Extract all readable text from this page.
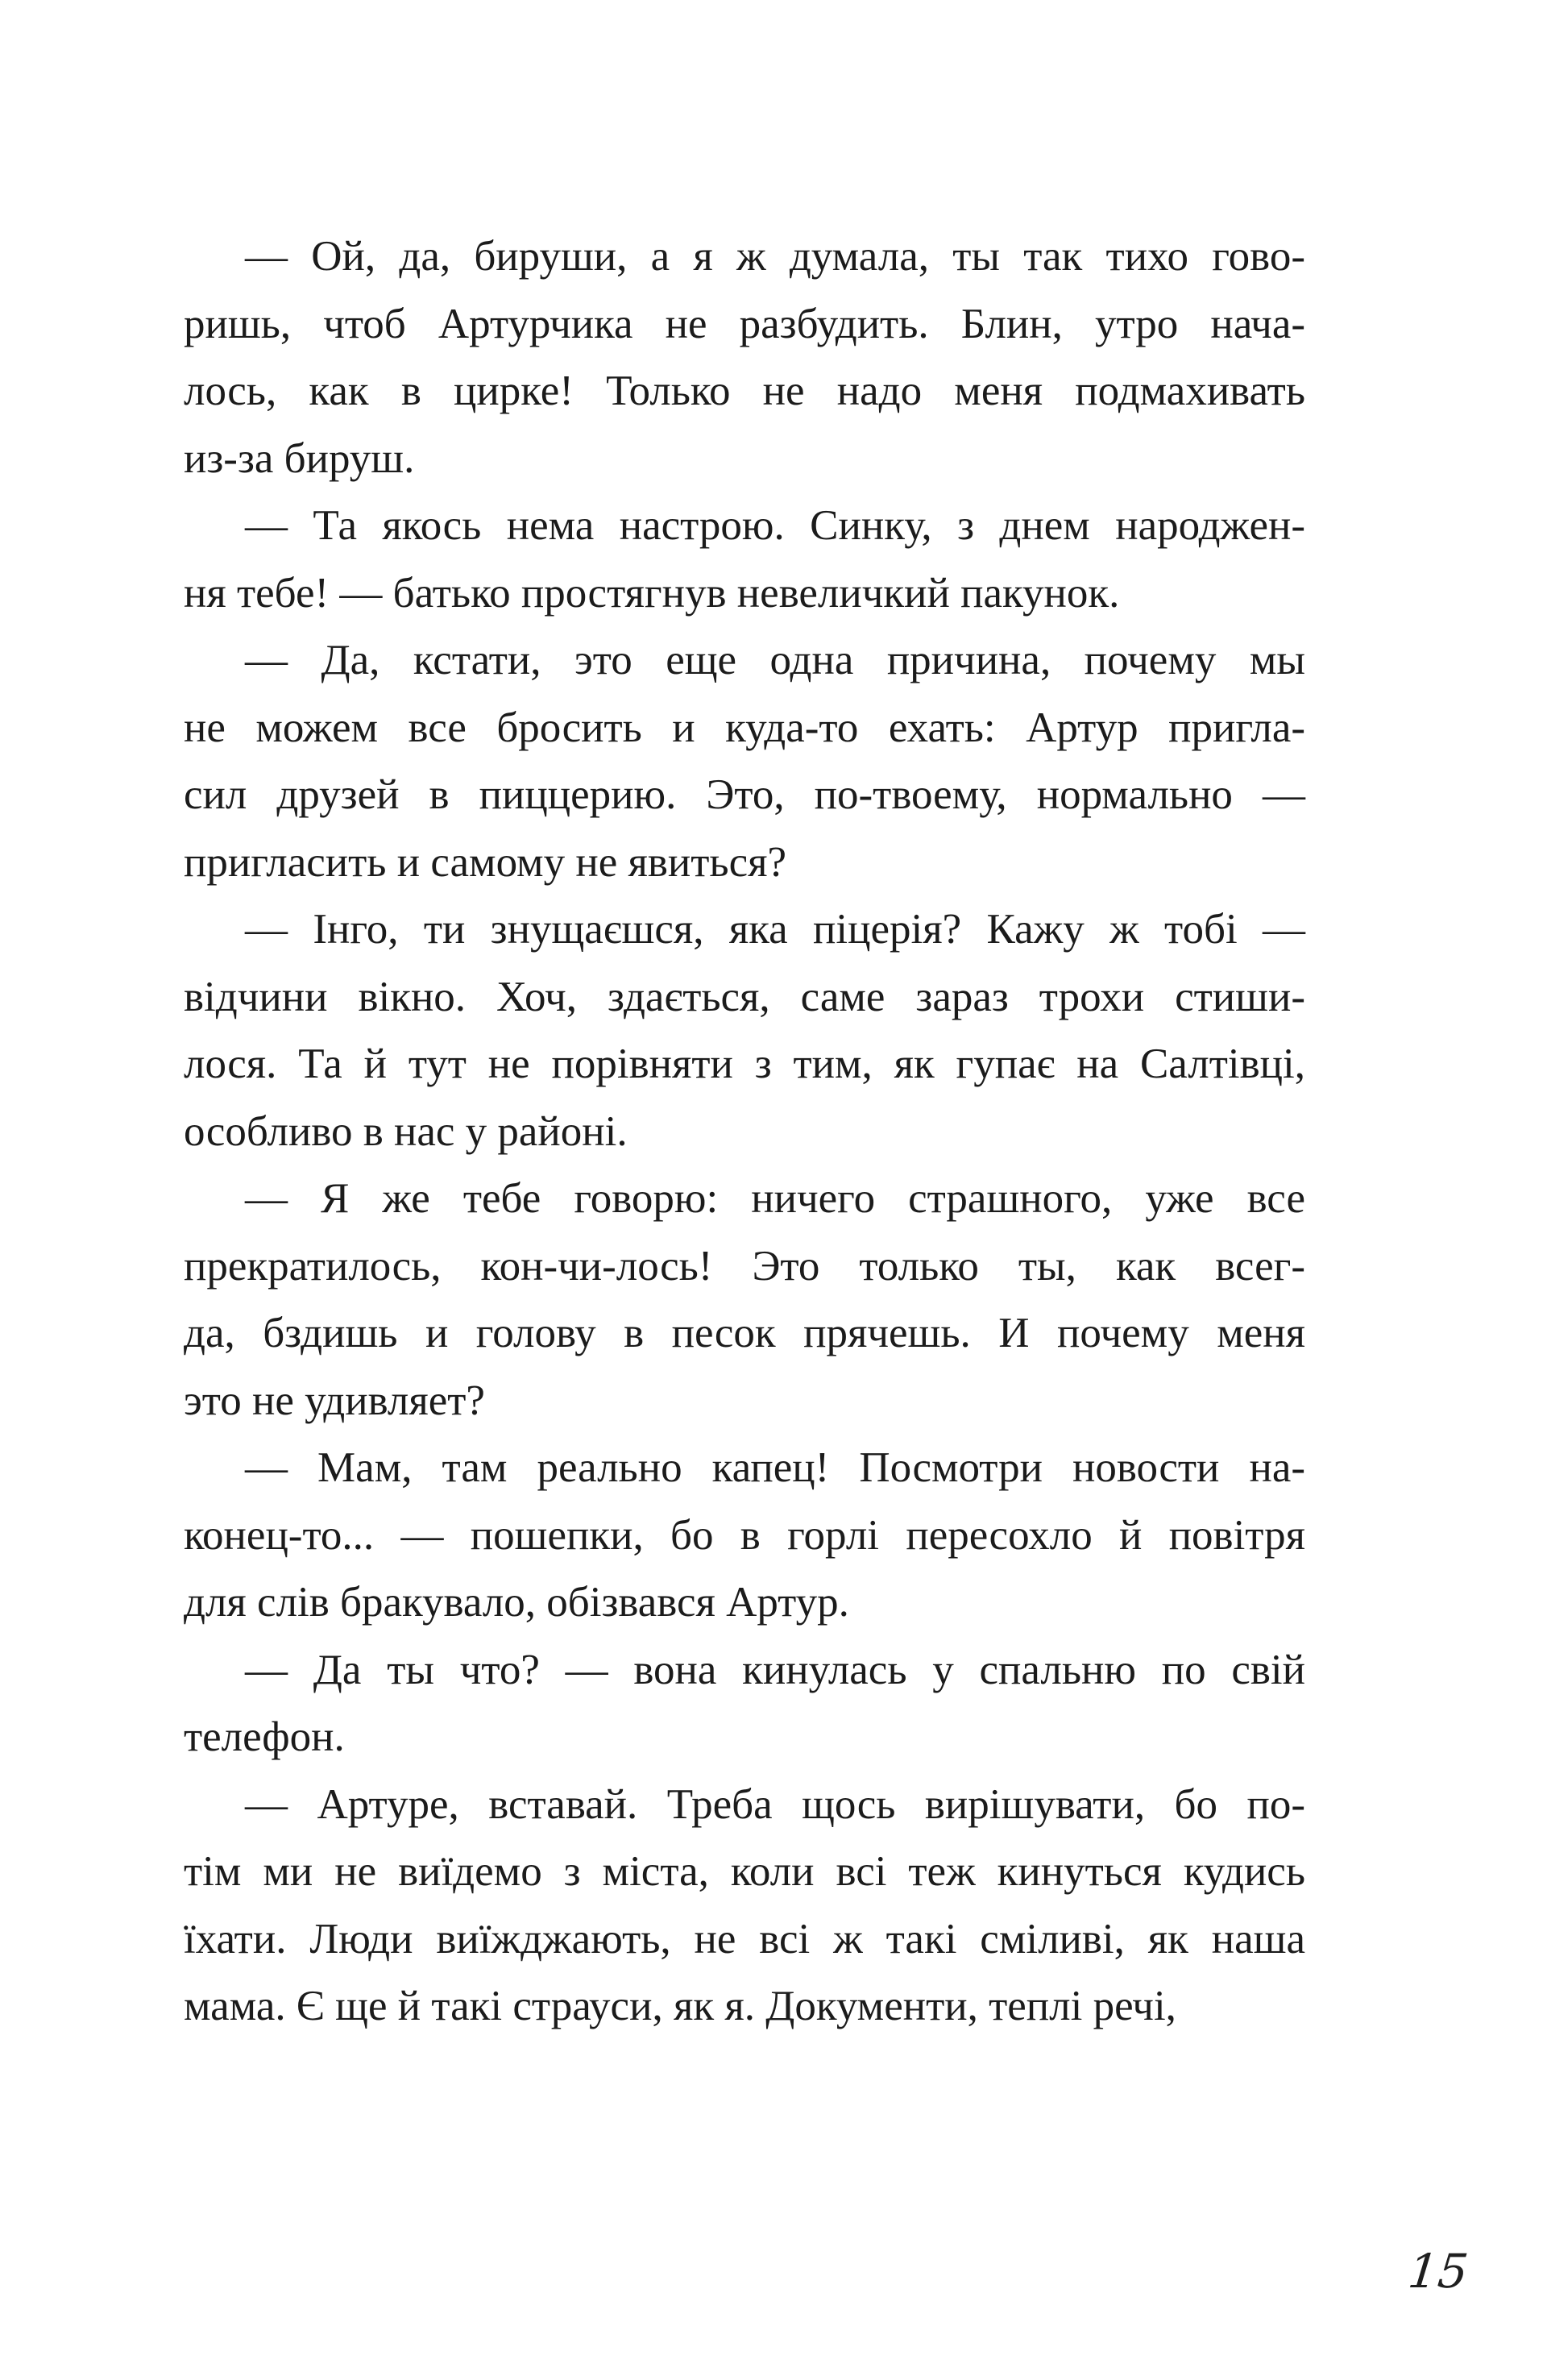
— Ой, да, бируши, а я ж думала, ты так тихо гово-
ришь, чтоб Артурчика не разбудить. Блин, утро нача-
лось, как в цирке! Только не надо меня подмахивать
из-за бируш.
— Та якось нема настрою. Синку, з днем народжен-
ня тебе! — батько простягнув невеличкий пакунок.
— Да, кстати, это еще одна причина, почему мы
не можем все бросить и куда-то ехать: Артур пригла-
сил друзей в пиццерию. Это, по-твоему, нормально —
пригласить и самому не явиться?
— Інго, ти знущаєшся, яка піцерія? Кажу ж тобі —
відчини вікно. Хоч, здається, саме зараз трохи стиши-
лося. Та й тут не порівняти з тим, як гупає на Салтівці,
особливо в нас у районі.
— Я же тебе говорю: ничего страшного, уже все
прекратилось, кон-чи-лось! Это только ты, как всег-
да, бздишь и голову в песок прячешь. И почему меня
это не удивляет?
— Мам, там реально капец! Посмотри новости на-
конец-то... — пошепки, бо в горлі пересохло й повітря
для слів бракувало, обізвався Артур.
— Да ты что? — вона кинулась у спальню по свій
телефон.
— Артуре, вставай. Треба щось вирішувати, бо по-
тім ми не виїдемо з міста, коли всі теж кинуться кудись
їхати. Люди виїжджають, не всі ж такі сміливі, як наша
мама. Є ще й такі страуси, як я. Документи, теплі речі,
15
